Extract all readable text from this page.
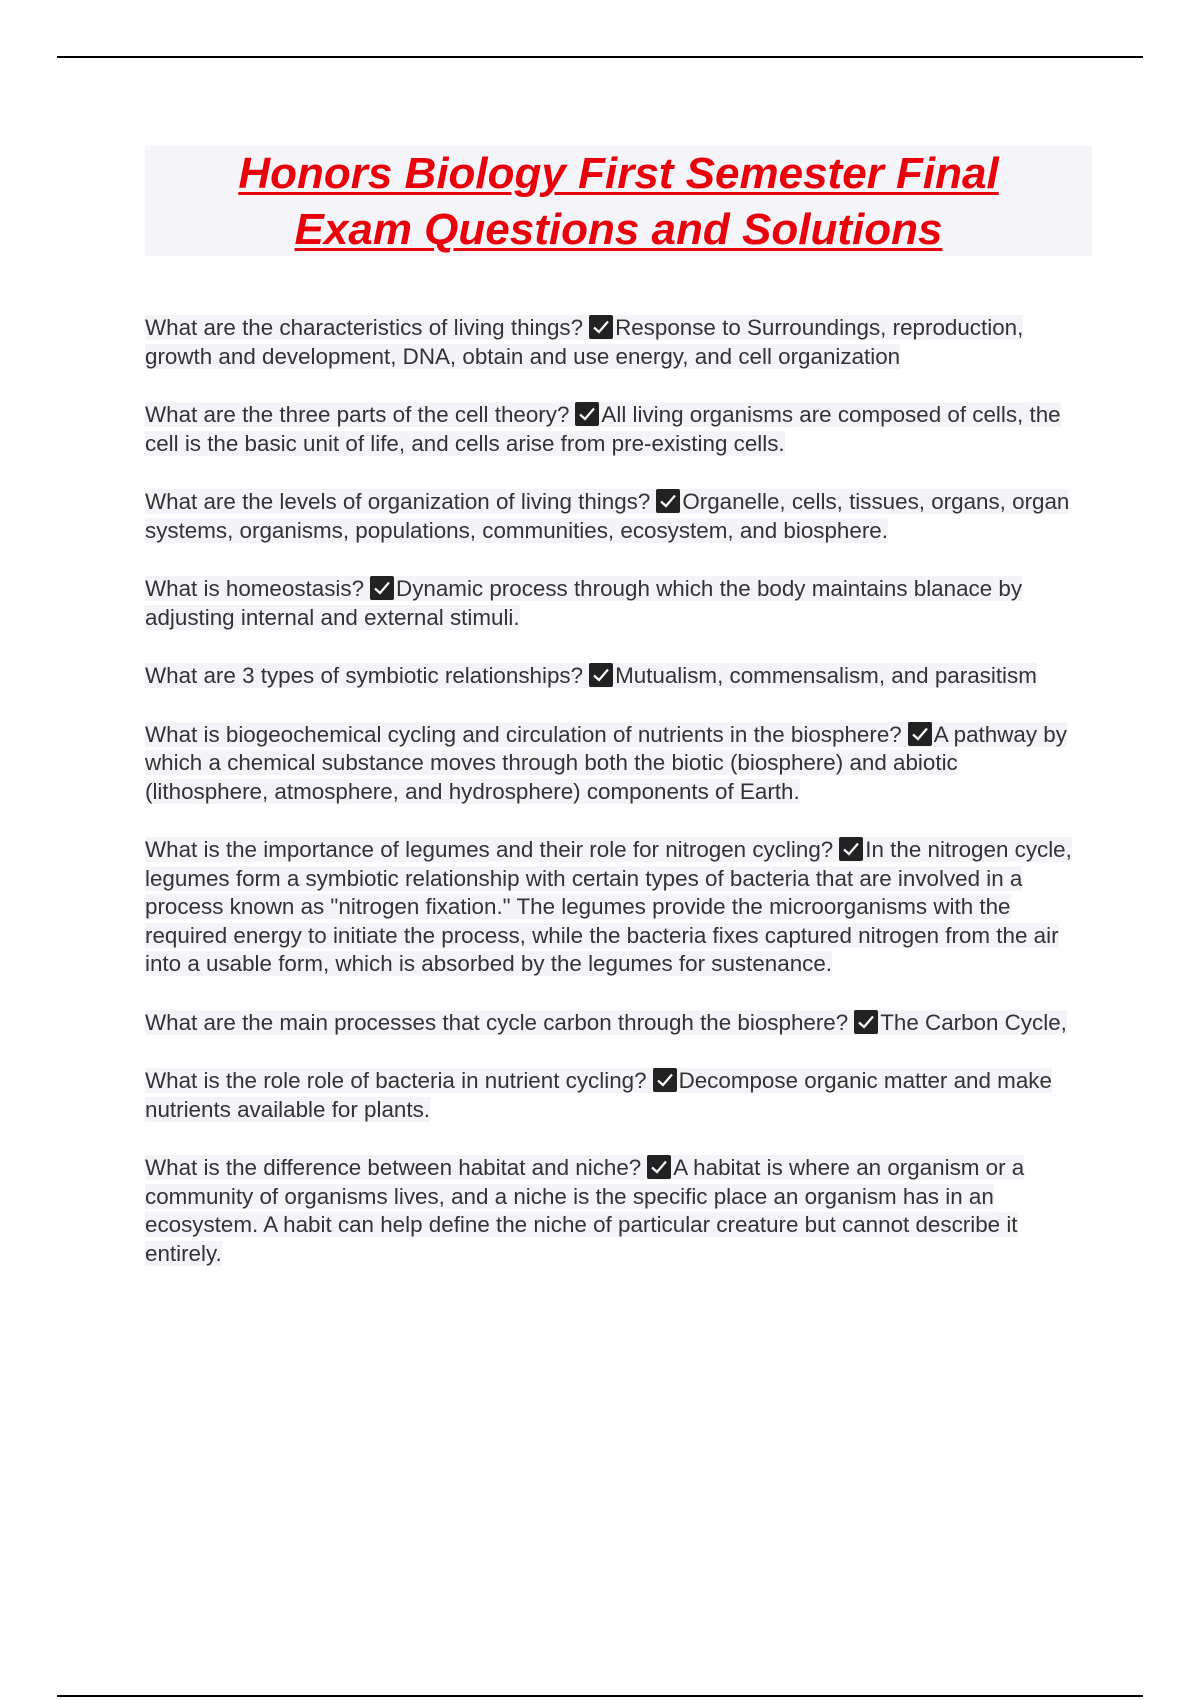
Honors Biology First Semester Final
Exam Questions and Solutions

What are the characteristics of living things? Response to Surroundings, reproduction, growth and development, DNA, obtain and use energy, and cell organization

What are the three parts of the cell theory? All living organisms are composed of cells, the cell is the basic unit of life, and cells arise from pre-existing cells.

What are the levels of organization of living things? Organelle, cells, tissues, organs, organ systems, organisms, populations, communities, ecosystem, and biosphere.

What is homeostasis? Dynamic process through which the body maintains blanace by adjusting internal and external stimuli.

What are 3 types of symbiotic relationships? Mutualism, commensalism, and parasitism

What is biogeochemical cycling and circulation of nutrients in the biosphere? A pathway by which a chemical substance moves through both the biotic (biosphere) and abiotic (lithosphere, atmosphere, and hydrosphere) components of Earth.

What is the importance of legumes and their role for nitrogen cycling? In the nitrogen cycle, legumes form a symbiotic relationship with certain types of bacteria that are involved in a process known as "nitrogen fixation." The legumes provide the microorganisms with the required energy to initiate the process, while the bacteria fixes captured nitrogen from the air into a usable form, which is absorbed by the legumes for sustenance.

What are the main processes that cycle carbon through the biosphere? The Carbon Cycle,

What is the role role of bacteria in nutrient cycling? Decompose organic matter and make nutrients available for plants.

What is the difference between habitat and niche? A habitat is where an organism or a community of organisms lives, and a niche is the specific place an organism has in an ecosystem. A habit can help define the niche of particular creature but cannot describe it entirely.
